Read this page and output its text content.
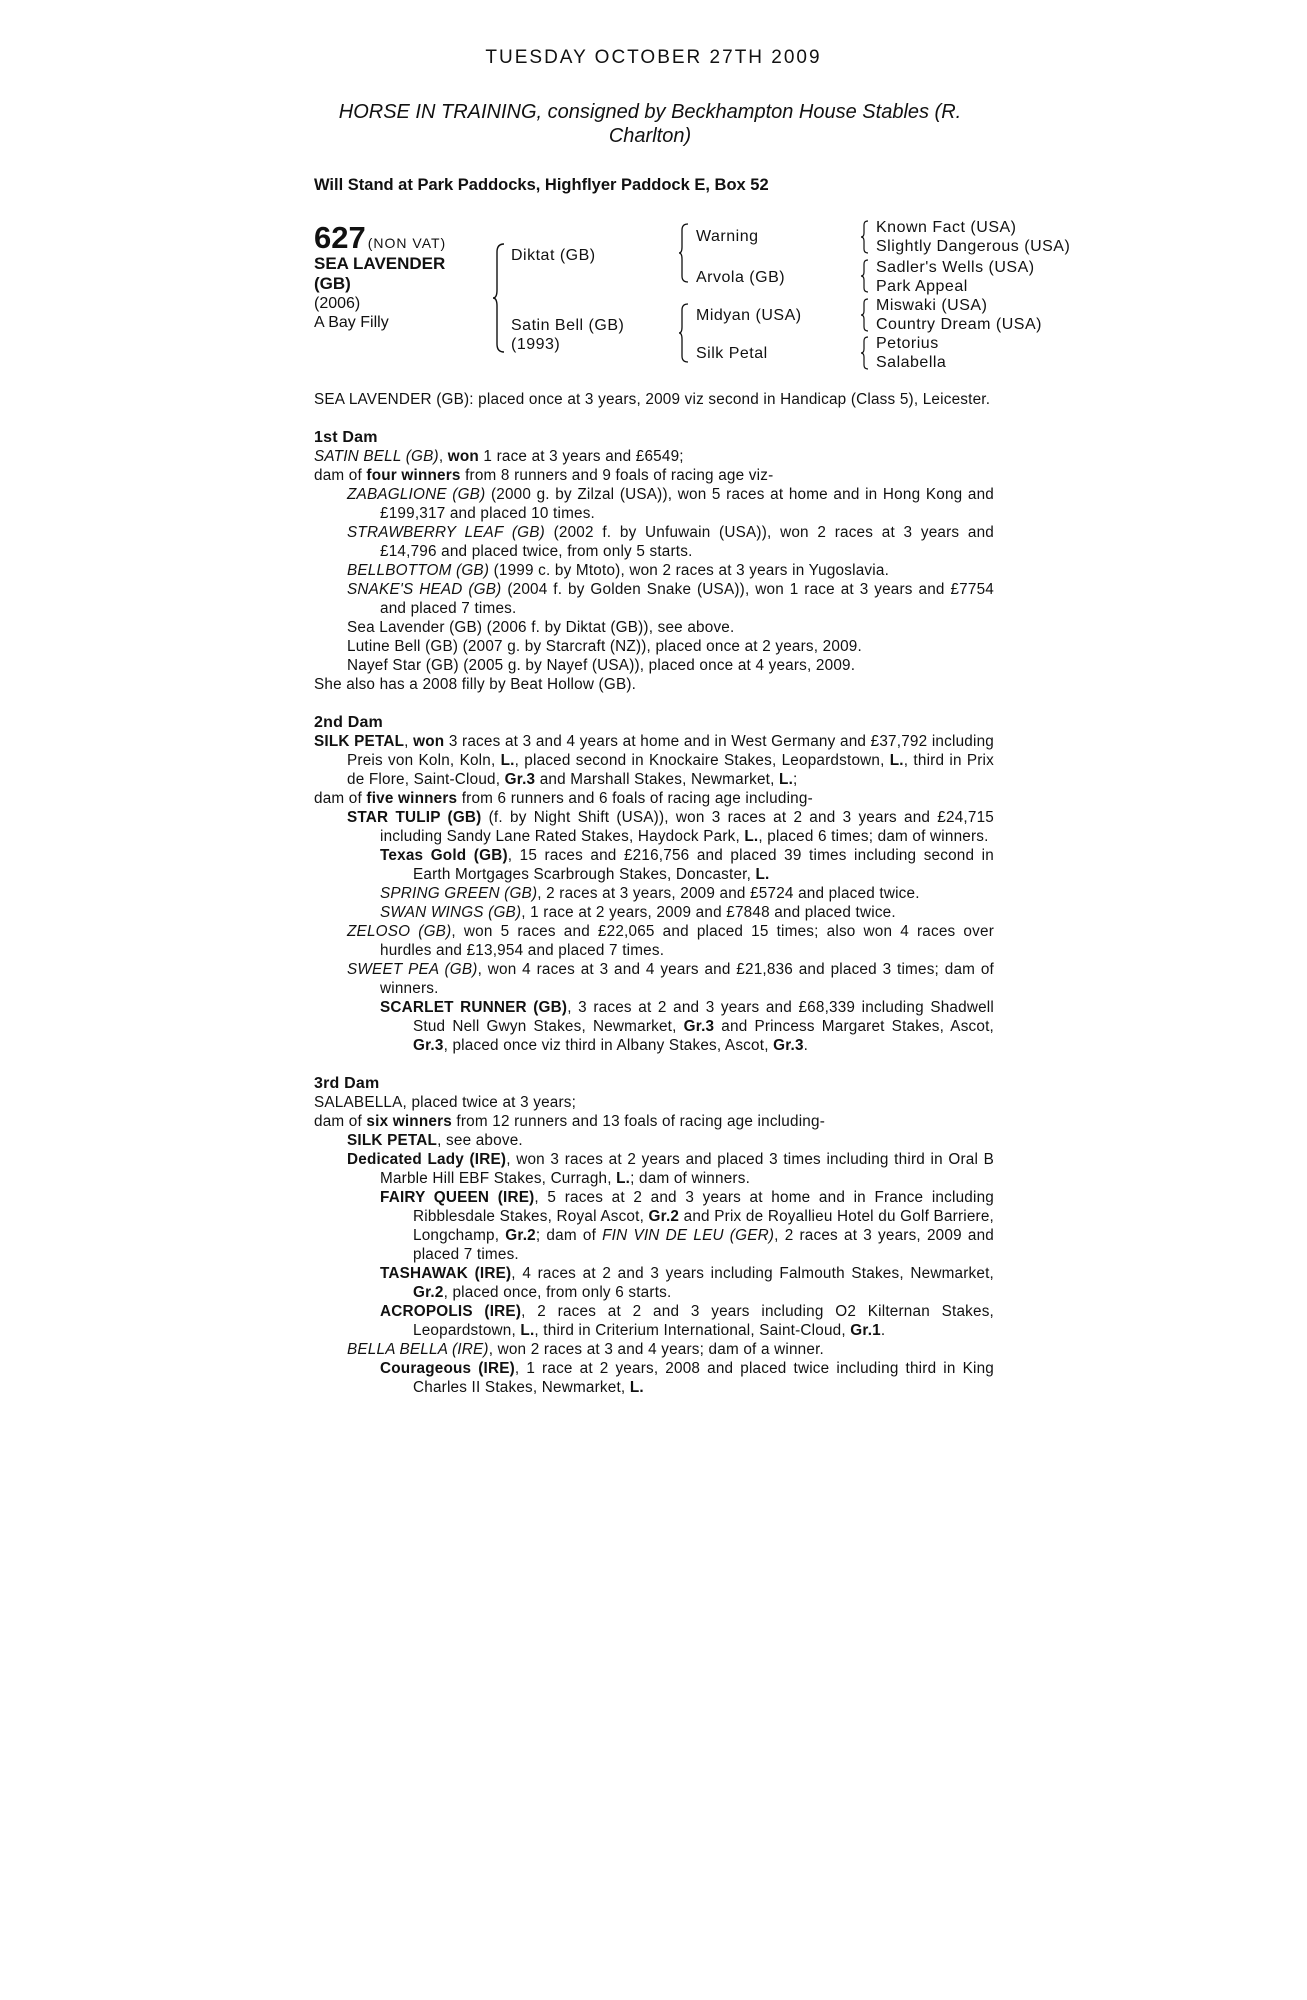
TUESDAY OCTOBER 27TH 2009
HORSE IN TRAINING, consigned by Beckhampton House Stables (R. Charlton)
Will Stand at Park Paddocks, Highflyer Paddock E, Box 52
627 (NON VAT)
SEA LAVENDER (GB)
(2006)
A Bay Filly
Diktat (GB)
Satin Bell (GB)
(1993)
Warning
Arvola (GB)
Midyan (USA)
Silk Petal
Known Fact (USA)
Slightly Dangerous (USA)
Sadler's Wells (USA)
Park Appeal
Miswaki (USA)
Country Dream (USA)
Petorius
Salabella

SEA LAVENDER (GB): placed once at 3 years, 2009 viz second in Handicap (Class 5), Leicester.

1st Dam

SATIN BELL (GB), won 1 race at 3 years and £6549;

dam of four winners from 8 runners and 9 foals of racing age viz-

ZABAGLIONE (GB) (2000 g. by Zilzal (USA)), won 5 races at home and in Hong Kong and £199,317 and placed 10 times.

STRAWBERRY LEAF (GB) (2002 f. by Unfuwain (USA)), won 2 races at 3 years and £14,796 and placed twice, from only 5 starts.

BELLBOTTOM (GB) (1999 c. by Mtoto), won 2 races at 3 years in Yugoslavia.

SNAKE'S HEAD (GB) (2004 f. by Golden Snake (USA)), won 1 race at 3 years and £7754 and placed 7 times.

Sea Lavender (GB) (2006 f. by Diktat (GB)), see above.

Lutine Bell (GB) (2007 g. by Starcraft (NZ)), placed once at 2 years, 2009.

Nayef Star (GB) (2005 g. by Nayef (USA)), placed once at 4 years, 2009.

She also has a 2008 filly by Beat Hollow (GB).

2nd Dam

SILK PETAL, won 3 races at 3 and 4 years at home and in West Germany and £37,792 including Preis von Koln, Koln, L., placed second in Knockaire Stakes, Leopardstown, L., third in Prix de Flore, Saint-Cloud, Gr.3 and Marshall Stakes, Newmarket, L.;

dam of five winners from 6 runners and 6 foals of racing age including-

STAR TULIP (GB) (f. by Night Shift (USA)), won 3 races at 2 and 3 years and £24,715 including Sandy Lane Rated Stakes, Haydock Park, L., placed 6 times; dam of winners.

Texas Gold (GB), 15 races and £216,756 and placed 39 times including second in Earth Mortgages Scarbrough Stakes, Doncaster, L.

SPRING GREEN (GB), 2 races at 3 years, 2009 and £5724 and placed twice.

SWAN WINGS (GB), 1 race at 2 years, 2009 and £7848 and placed twice.

ZELOSO (GB), won 5 races and £22,065 and placed 15 times; also won 4 races over hurdles and £13,954 and placed 7 times.

SWEET PEA (GB), won 4 races at 3 and 4 years and £21,836 and placed 3 times; dam of winners.

SCARLET RUNNER (GB), 3 races at 2 and 3 years and £68,339 including Shadwell Stud Nell Gwyn Stakes, Newmarket, Gr.3 and Princess Margaret Stakes, Ascot, Gr.3, placed once viz third in Albany Stakes, Ascot, Gr.3.

3rd Dam

SALABELLA, placed twice at 3 years;

dam of six winners from 12 runners and 13 foals of racing age including-

SILK PETAL, see above.

Dedicated Lady (IRE), won 3 races at 2 years and placed 3 times including third in Oral B Marble Hill EBF Stakes, Curragh, L.; dam of winners.

FAIRY QUEEN (IRE), 5 races at 2 and 3 years at home and in France including Ribblesdale Stakes, Royal Ascot, Gr.2 and Prix de Royallieu Hotel du Golf Barriere, Longchamp, Gr.2; dam of FIN VIN DE LEU (GER), 2 races at 3 years, 2009 and placed 7 times.

TASHAWAK (IRE), 4 races at 2 and 3 years including Falmouth Stakes, Newmarket, Gr.2, placed once, from only 6 starts.

ACROPOLIS (IRE), 2 races at 2 and 3 years including O2 Kilternan Stakes, Leopardstown, L., third in Criterium International, Saint-Cloud, Gr.1.

BELLA BELLA (IRE), won 2 races at 3 and 4 years; dam of a winner.

Courageous (IRE), 1 race at 2 years, 2008 and placed twice including third in King Charles II Stakes, Newmarket, L.
